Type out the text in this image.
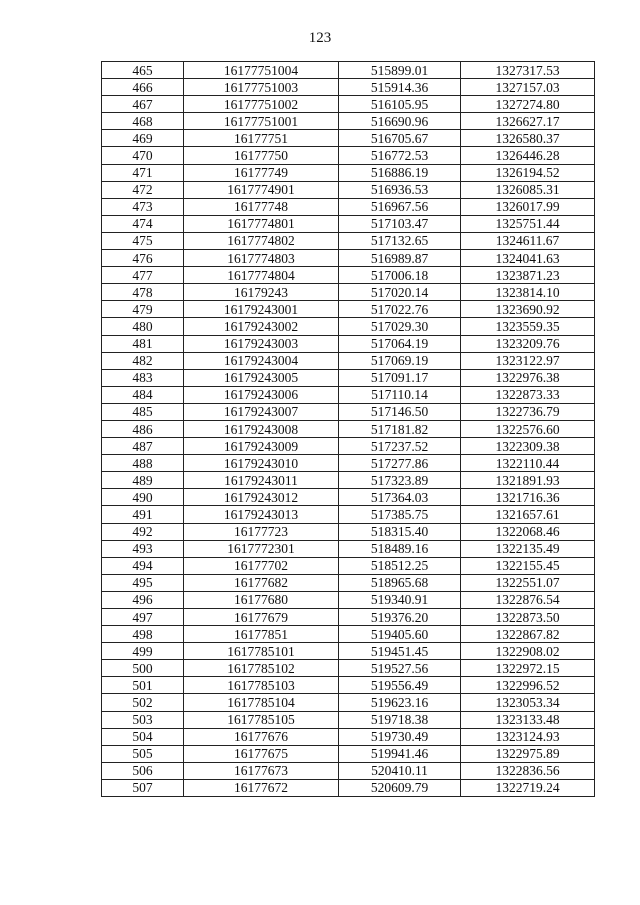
123
465	16177751004	515899.01	1327317.53
466	16177751003	515914.36	1327157.03
467	16177751002	516105.95	1327274.80
468	16177751001	516690.96	1326627.17
469	16177751	516705.67	1326580.37
470	16177750	516772.53	1326446.28
471	16177749	516886.19	1326194.52
472	1617774901	516936.53	1326085.31
473	16177748	516967.56	1326017.99
474	1617774801	517103.47	1325751.44
475	1617774802	517132.65	1324611.67
476	1617774803	516989.87	1324041.63
477	1617774804	517006.18	1323871.23
478	16179243	517020.14	1323814.10
479	16179243001	517022.76	1323690.92
480	16179243002	517029.30	1323559.35
481	16179243003	517064.19	1323209.76
482	16179243004	517069.19	1323122.97
483	16179243005	517091.17	1322976.38
484	16179243006	517110.14	1322873.33
485	16179243007	517146.50	1322736.79
486	16179243008	517181.82	1322576.60
487	16179243009	517237.52	1322309.38
488	16179243010	517277.86	1322110.44
489	16179243011	517323.89	1321891.93
490	16179243012	517364.03	1321716.36
491	16179243013	517385.75	1321657.61
492	16177723	518315.40	1322068.46
493	1617772301	518489.16	1322135.49
494	16177702	518512.25	1322155.45
495	16177682	518965.68	1322551.07
496	16177680	519340.91	1322876.54
497	16177679	519376.20	1322873.50
498	16177851	519405.60	1322867.82
499	1617785101	519451.45	1322908.02
500	1617785102	519527.56	1322972.15
501	1617785103	519556.49	1322996.52
502	1617785104	519623.16	1323053.34
503	1617785105	519718.38	1323133.48
504	16177676	519730.49	1323124.93
505	16177675	519941.46	1322975.89
506	16177673	520410.11	1322836.56
507	16177672	520609.79	1322719.24
